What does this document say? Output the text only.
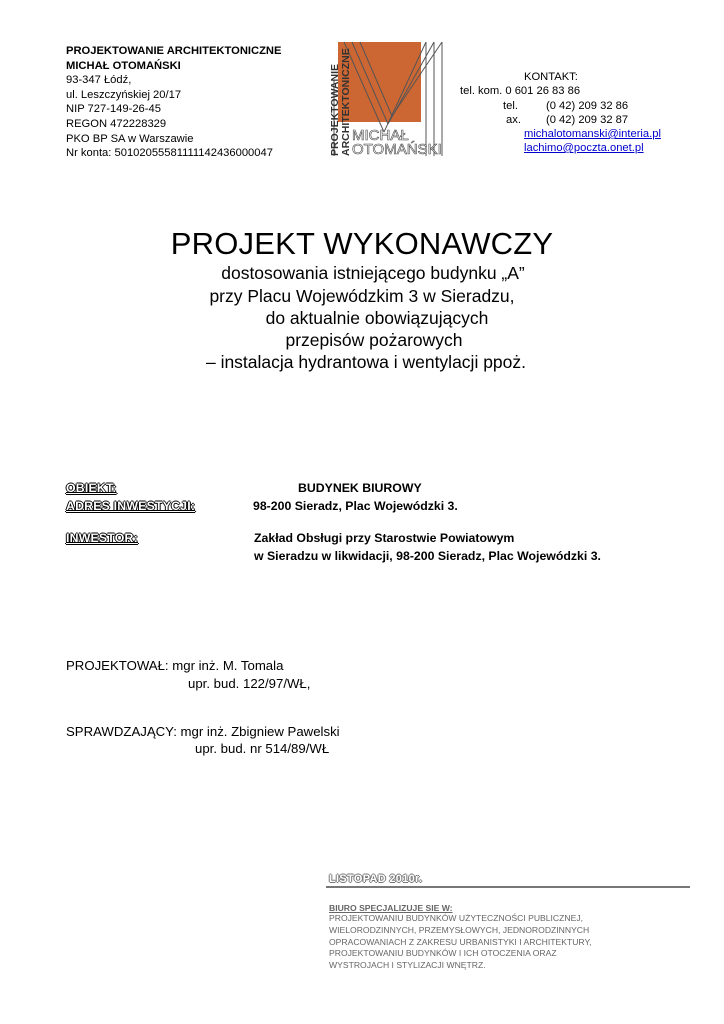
PROJEKTOWANIE ARCHITEKTONICZNE
MICHAŁ OTOMAŃSKI
93-347 Łódź,
ul. Leszczyńskiej 20/17
NIP 727-149-26-45
REGON 472228329
PKO BP SA w Warszawie
Nr konta: 50102055581111142436000047	PROJEKTOWANIE ARCHITEKTONICZNE MICHAŁ
OTOMAŃSKI
KONTAKT:
tel. kom. 0 601 26 83 86
tel.	(0 42) 209 32 86
ax. (0 42) 209 32 87
michalotomanski@interia.pl
lachimo@poczta.onet.pl
PROJEKT WYKONAWCZY
dostosowania istniejącego budynku „A”
przy Placu Wojewódzkim 3 w Sieradzu,
do aktualnie obowiązujących
przepisów pożarowych
– instalacja hydrantowa i wentylacji ppoż.
OBIEKT:	BUDYNEK BIUROWY
ADRES INWESTYCJI:	98-200 Sieradz, Plac Wojewódzki 3.
INWESTOR:	Zakład Obsługi przy Starostwie Powiatowym
w Sieradzu w likwidacji, 98-200 Sieradz, Plac Wojewódzki 3.
PROJEKTOWAŁ: mgr inż. M. Tomala
upr. bud. 122/97/WŁ,
SPRAWDZAJĄCY: mgr inż. Zbigniew Pawelski
upr. bud. nr 514/89/WŁ
LISTOPAD 2010r.
BIURO SPECJALIZUJE SIE W:
PROJEKTOWANIU BUDYNKÓW UŻYTECZNOŚCI PUBLICZNEJ,
WIELORODZINNYCH, PRZEMYSŁOWYCH, JEDNORODZINNYCH
OPRACOWANIACH Z ZAKRESU URBANISTYKI I ARCHITEKTURY,
PROJEKTOWANIU BUDYNKÓW I ICH OTOCZENIA ORAZ
WYSTROJACH I STYLIZACJI WNĘTRZ.
